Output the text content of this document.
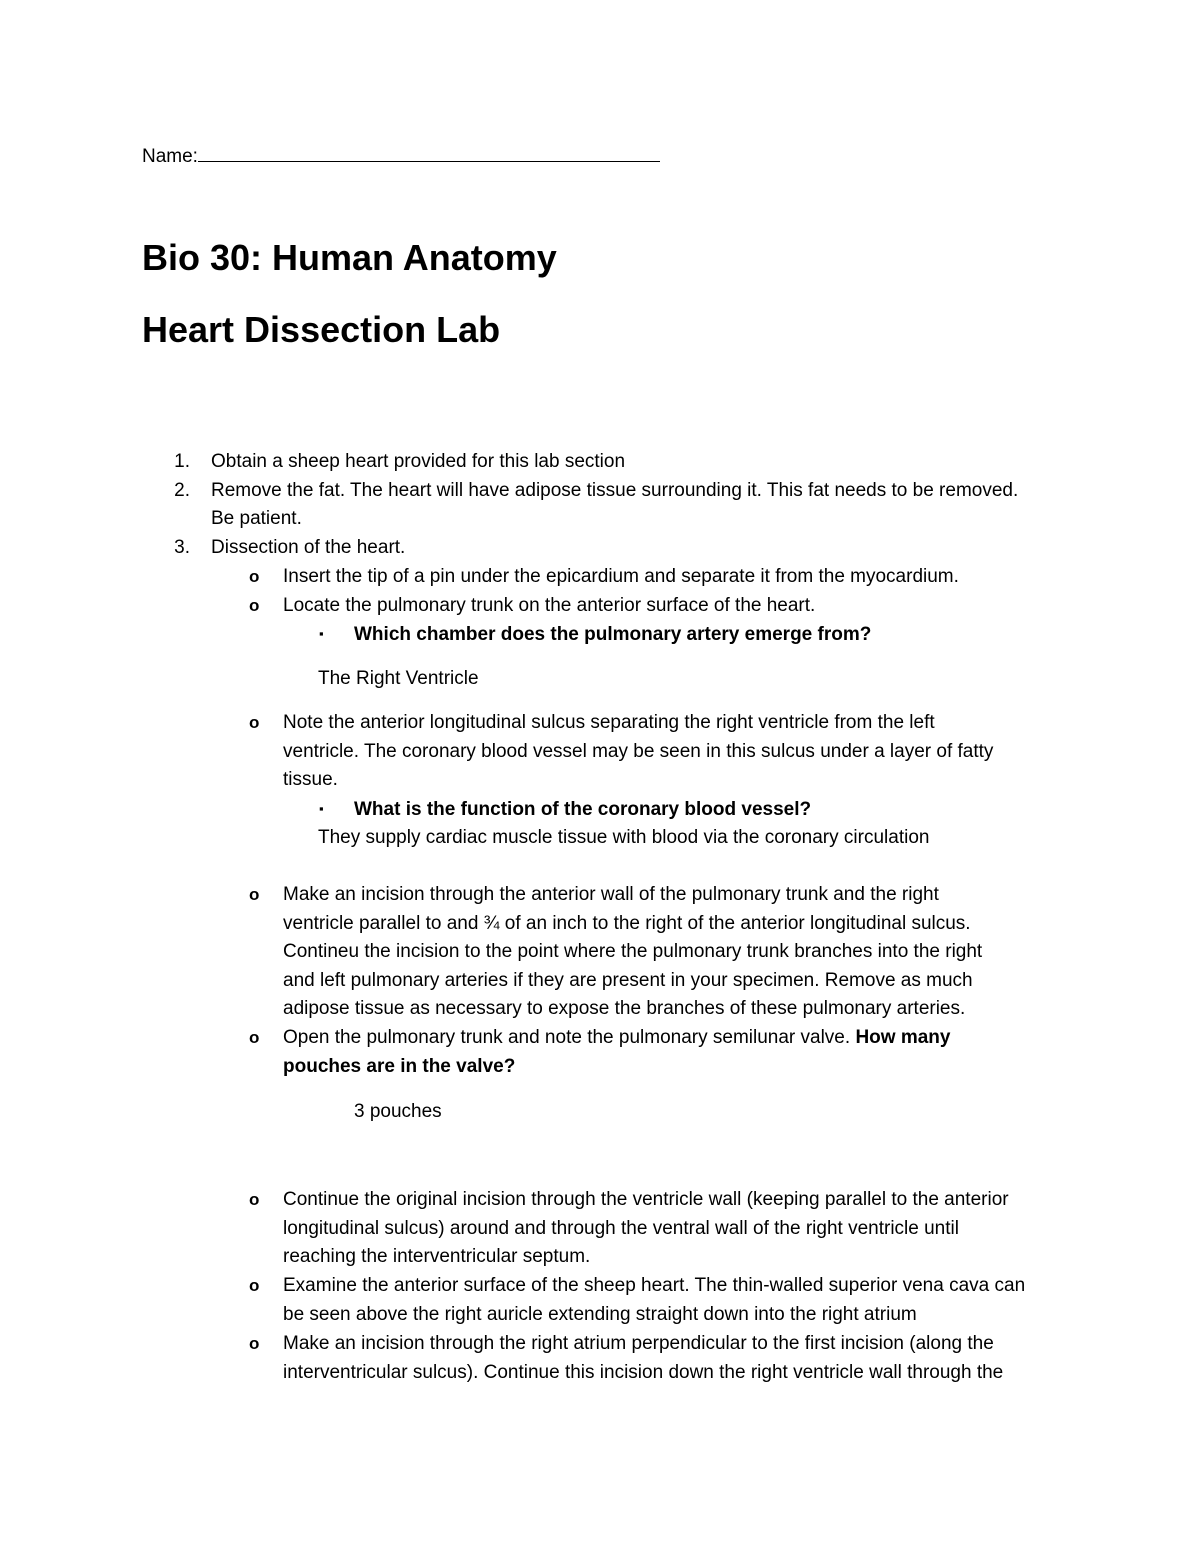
Name:
Bio 30: Human Anatomy
Heart Dissection Lab
1. Obtain a sheep heart provided for this lab section
2. Remove the fat. The heart will have adipose tissue surrounding it. This fat needs to be removed.
Be patient.
3. Dissection of the heart.
o Insert the tip of a pin under the epicardium and separate it from the myocardium.
o Locate the pulmonary trunk on the anterior surface of the heart.
▪ Which chamber does the pulmonary artery emerge from?
The Right Ventricle
o Note the anterior longitudinal sulcus separating the right ventricle from the left
ventricle. The coronary blood vessel may be seen in this sulcus under a layer of fatty
tissue.
▪ What is the function of the coronary blood vessel?
They supply cardiac muscle tissue with blood via the coronary circulation
o Make an incision through the anterior wall of the pulmonary trunk and the right
ventricle parallel to and ¾ of an inch to the right of the anterior longitudinal sulcus.
Contineu the incision to the point where the pulmonary trunk branches into the right
and left pulmonary arteries if they are present in your specimen. Remove as much
adipose tissue as necessary to expose the branches of these pulmonary arteries.
o Open the pulmonary trunk and note the pulmonary semilunar valve. How many
pouches are in the valve?
3 pouches
o Continue the original incision through the ventricle wall (keeping parallel to the anterior
longitudinal sulcus) around and through the ventral wall of the right ventricle until
reaching the interventricular septum.
o Examine the anterior surface of the sheep heart. The thin-walled superior vena cava can
be seen above the right auricle extending straight down into the right atrium
o Make an incision through the right atrium perpendicular to the first incision (along the
interventricular sulcus). Continue this incision down the right ventricle wall through the
